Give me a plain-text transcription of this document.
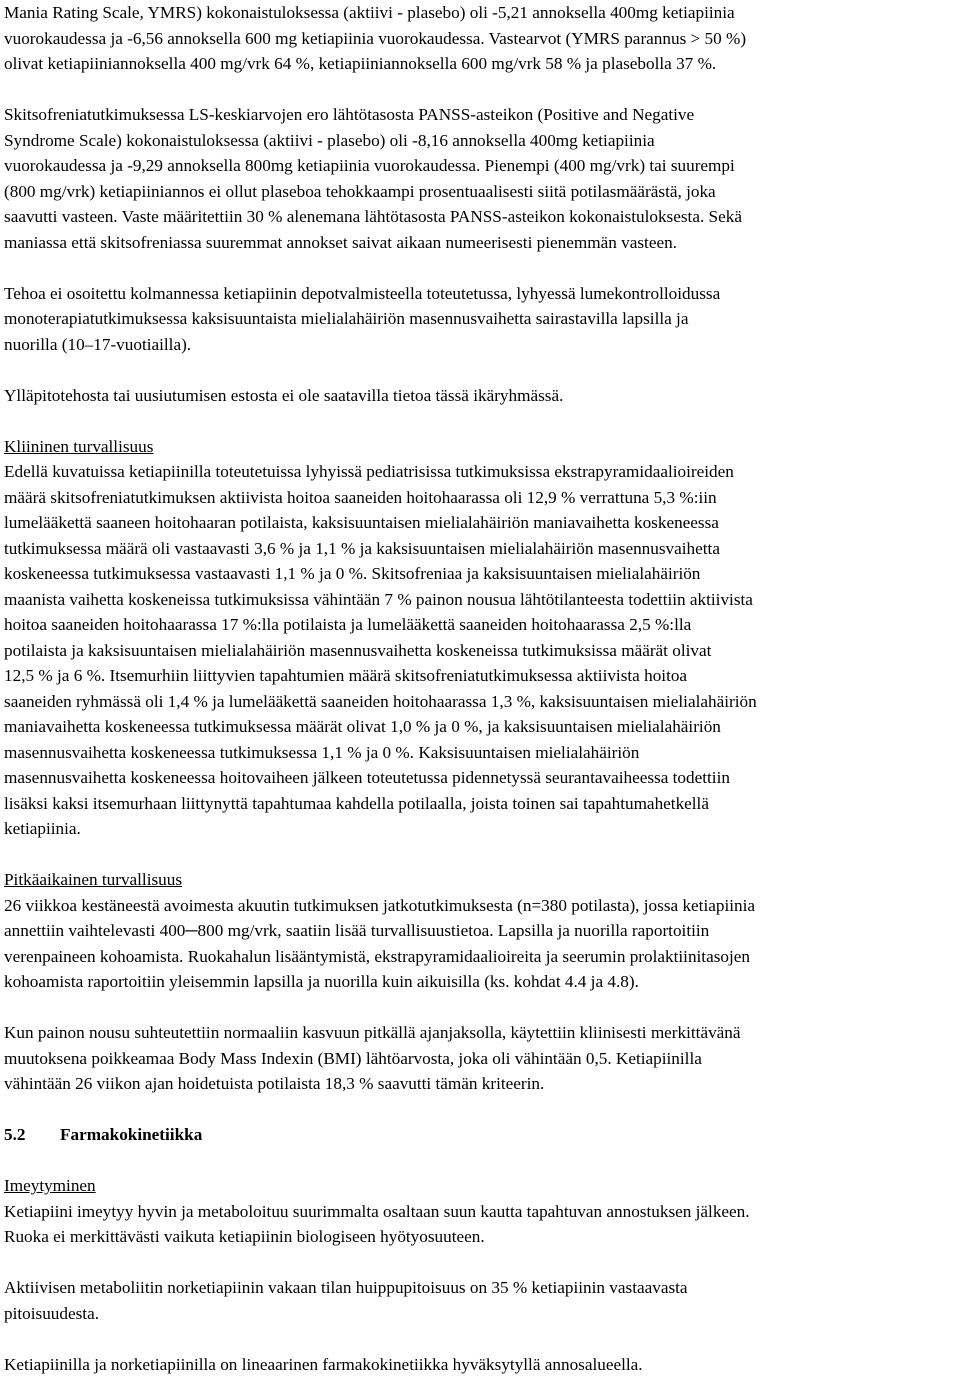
Mania Rating Scale, YMRS) kokonaistuloksessa (aktiivi - plasebo) oli -5,21 annoksella 400mg ketiapiinia
vuorokaudessa ja -6,56 annoksella 600 mg ketiapiinia vuorokaudessa. Vastearvot (YMRS parannus > 50 %)
olivat ketiapiiniannoksella 400 mg/vrk 64 %, ketiapiiniannoksella 600 mg/vrk 58 % ja plasebolla 37 %.

Skitsofreniatutkimuksessa LS-keskiarvojen ero lähtötasosta PANSS-asteikon (Positive and Negative
Syndrome Scale) kokonaistuloksessa (aktiivi - plasebo) oli -8,16 annoksella 400mg ketiapiinia
vuorokaudessa ja -9,29 annoksella 800mg ketiapiinia vuorokaudessa. Pienempi (400 mg/vrk) tai suurempi
(800 mg/vrk) ketiapiiniannos ei ollut plaseboa tehokkaampi prosentuaalisesti siitä potilasmäärästä, joka
saavutti vasteen. Vaste määritettiin 30 % alenemana lähtötasosta PANSS-asteikon kokonaistuloksesta. Sekä
maniassa että skitsofreniassa suuremmat annokset saivat aikaan numeerisesti pienemmän vasteen.

Tehoa ei osoitettu kolmannessa ketiapiinin depotvalmisteella toteutetussa, lyhyessä lumekontrolloidussa
monoterapiatutkimuksessa kaksisuuntaista mielialahäiriön masennusvaihetta sairastavilla lapsilla ja
nuorilla (10–17-vuotiailla).

Ylläpitotehosta tai uusiutumisen estosta ei ole saatavilla tietoa tässä ikäryhmässä.

Kliininen turvallisuus

Edellä kuvatuissa ketiapiinilla toteutetuissa lyhyissä pediatrisissa tutkimuksissa ekstrapyramidaalioireiden
määrä skitsofreniatutkimuksen aktiivista hoitoa saaneiden hoitohaarassa oli 12,9 % verrattuna 5,3 %:iin
lumelääkettä saaneen hoitohaaran potilaista, kaksisuuntaisen mielialahäiriön maniavaihetta koskeneessa
tutkimuksessa määrä oli vastaavasti 3,6 % ja 1,1 % ja kaksisuuntaisen mielialahäiriön masennusvaihetta
koskeneessa tutkimuksessa vastaavasti 1,1 % ja 0 %. Skitsofreniaa ja kaksisuuntaisen mielialahäiriön
maanista vaihetta koskeneissa tutkimuksissa vähintään 7 % painon nousua lähtötilanteesta todettiin aktiivista
hoitoa saaneiden hoitohaarassa 17 %:lla potilaista ja lumelääkettä saaneiden hoitohaarassa 2,5 %:lla
potilaista ja kaksisuuntaisen mielialahäiriön masennusvaihetta koskeneissa tutkimuksissa määrät olivat
12,5 % ja 6 %. Itsemurhiin liittyvien tapahtumien määrä skitsofreniatutkimuksessa aktiivista hoitoa
saaneiden ryhmässä oli 1,4 % ja lumelääkettä saaneiden hoitohaarassa 1,3 %, kaksisuuntaisen mielialahäiriön
maniavaihetta koskeneessa tutkimuksessa määrät olivat 1,0 % ja 0 %, ja kaksisuuntaisen mielialahäiriön
masennusvaihetta koskeneessa tutkimuksessa 1,1 % ja 0 %. Kaksisuuntaisen mielialahäiriön
masennusvaihetta koskeneessa hoitovaiheen jälkeen toteutetussa pidennetyssä seurantavaiheessa todettiin
lisäksi kaksi itsemurhaan liittynyttä tapahtumaa kahdella potilaalla, joista toinen sai tapahtumahetkellä
ketiapiinia.

Pitkäaikainen turvallisuus

26 viikkoa kestäneestä avoimesta akuutin tutkimuksen jatkotutkimuksesta (n=380 potilasta), jossa ketiapiinia
annettiin vaihtelevasti 400─800 mg/vrk, saatiin lisää turvallisuustietoa. Lapsilla ja nuorilla raportoitiin
verenpaineen kohoamista. Ruokahalun lisääntymistä, ekstrapyramidaalioireita ja seerumin prolaktiinitasojen
kohoamista raportoitiin yleisemmin lapsilla ja nuorilla kuin aikuisilla (ks. kohdat 4.4 ja 4.8).

Kun painon nousu suhteutettiin normaaliin kasvuun pitkällä ajanjaksolla, käytettiin kliinisesti merkittävänä
muutoksena poikkeamaa Body Mass Indexin (BMI) lähtöarvosta, joka oli vähintään 0,5. Ketiapiinilla
vähintään 26 viikon ajan hoidetuista potilaista 18,3 % saavutti tämän kriteerin.

5.2 Farmakokinetiikka

Imeytyminen

Ketiapiini imeytyy hyvin ja metaboloituu suurimmalta osaltaan suun kautta tapahtuvan annostuksen jälkeen.
Ruoka ei merkittävästi vaikuta ketiapiinin biologiseen hyötyosuuteen.

Aktiivisen metaboliitin norketiapiinin vakaan tilan huippupitoisuus on 35 % ketiapiinin vastaavasta
pitoisuudesta.

Ketiapiinilla ja norketiapiinilla on lineaarinen farmakokinetiikka hyväksytyllä annosalueella.
